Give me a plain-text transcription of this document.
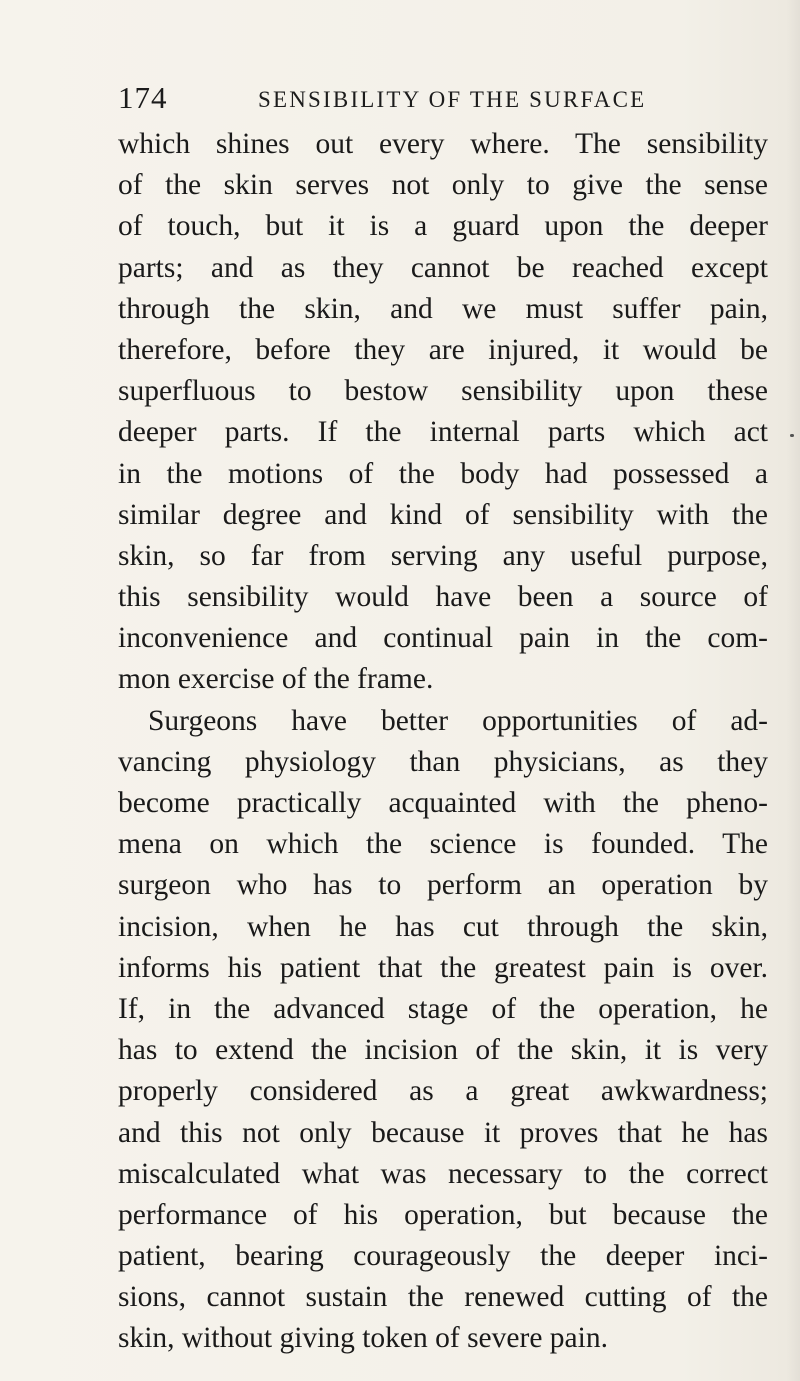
174	SENSIBILITY OF THE SURFACE
which shines out every where. The sensibility
of the skin serves not only to give the sense
of touch, but it is a guard upon the deeper
parts; and as they cannot be reached except
through the skin, and we must suffer pain,
therefore, before they are injured, it would be
superfluous to bestow sensibility upon these
deeper parts. If the internal parts which act
in the motions of the body had possessed a
similar degree and kind of sensibility with the
skin, so far from serving any useful purpose,
this sensibility would have been a source of
inconvenience and continual pain in the com-
mon exercise of the frame.
Surgeons have better opportunities of ad-
vancing physiology than physicians, as they
become practically acquainted with the pheno-
mena on which the science is founded. The
surgeon who has to perform an operation by
incision, when he has cut through the skin,
informs his patient that the greatest pain is over.
If, in the advanced stage of the operation, he
has to extend the incision of the skin, it is very
properly considered as a great awkwardness;
and this not only because it proves that he has
miscalculated what was necessary to the correct
performance of his operation, but because the
patient, bearing courageously the deeper inci-
sions, cannot sustain the renewed cutting of the
skin, without giving token of severe pain.
